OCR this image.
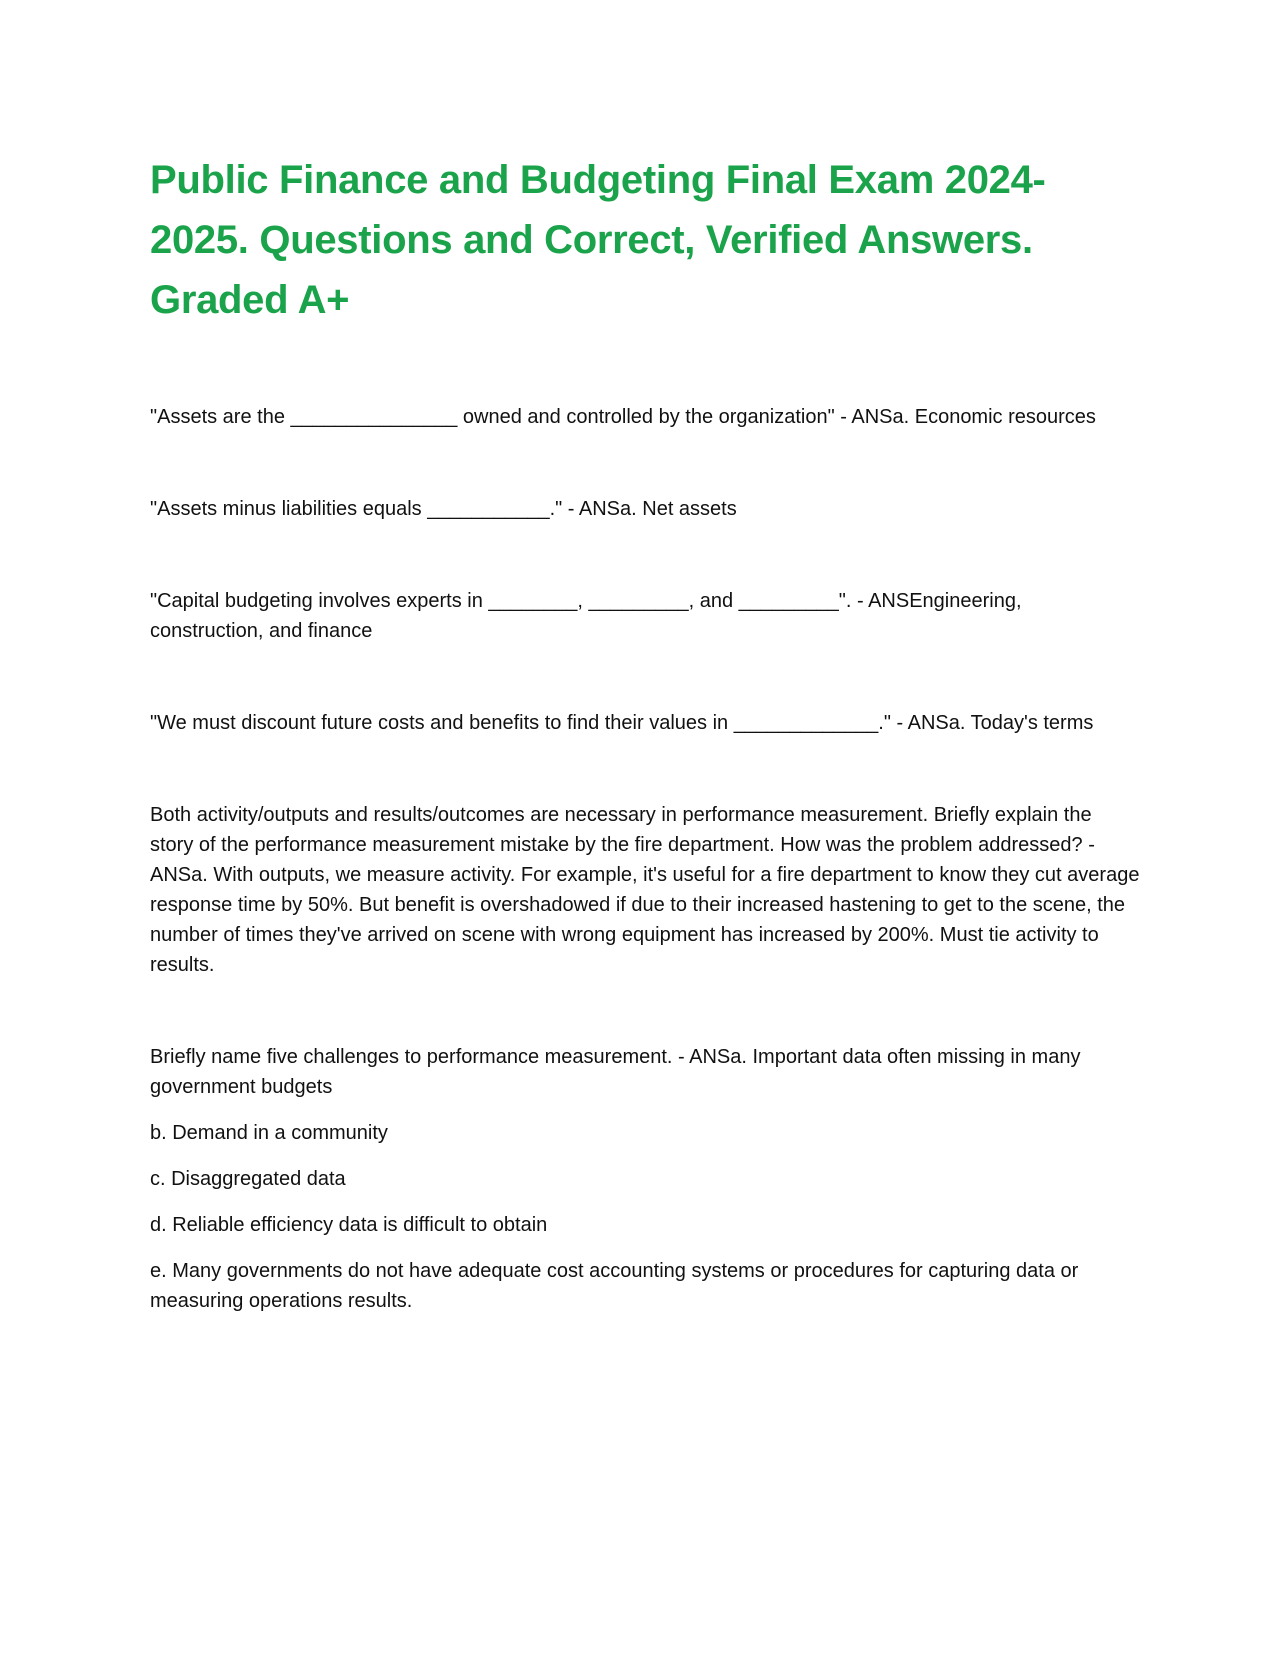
Public Finance and Budgeting Final Exam 2024-2025. Questions and Correct, Verified Answers. Graded A+

"Assets are the _______________ owned and controlled by the organization" - ANSa. Economic resources

"Assets minus liabilities equals ___________." - ANSa. Net assets

"Capital budgeting involves experts in ________, _________, and _________". - ANSEngineering, construction, and finance

"We must discount future costs and benefits to find their values in _____________." - ANSa. Today's terms

Both activity/outputs and results/outcomes are necessary in performance measurement. Briefly explain the story of the performance measurement mistake by the fire department. How was the problem addressed? - ANSa. With outputs, we measure activity. For example, it's useful for a fire department to know they cut average response time by 50%. But benefit is overshadowed if due to their increased hastening to get to the scene, the number of times they've arrived on scene with wrong equipment has increased by 200%. Must tie activity to results.

Briefly name five challenges to performance measurement. - ANSa. Important data often missing in many government budgets

b. Demand in a community

c. Disaggregated data

d. Reliable efficiency data is difficult to obtain

e. Many governments do not have adequate cost accounting systems or procedures for capturing data or measuring operations results.
